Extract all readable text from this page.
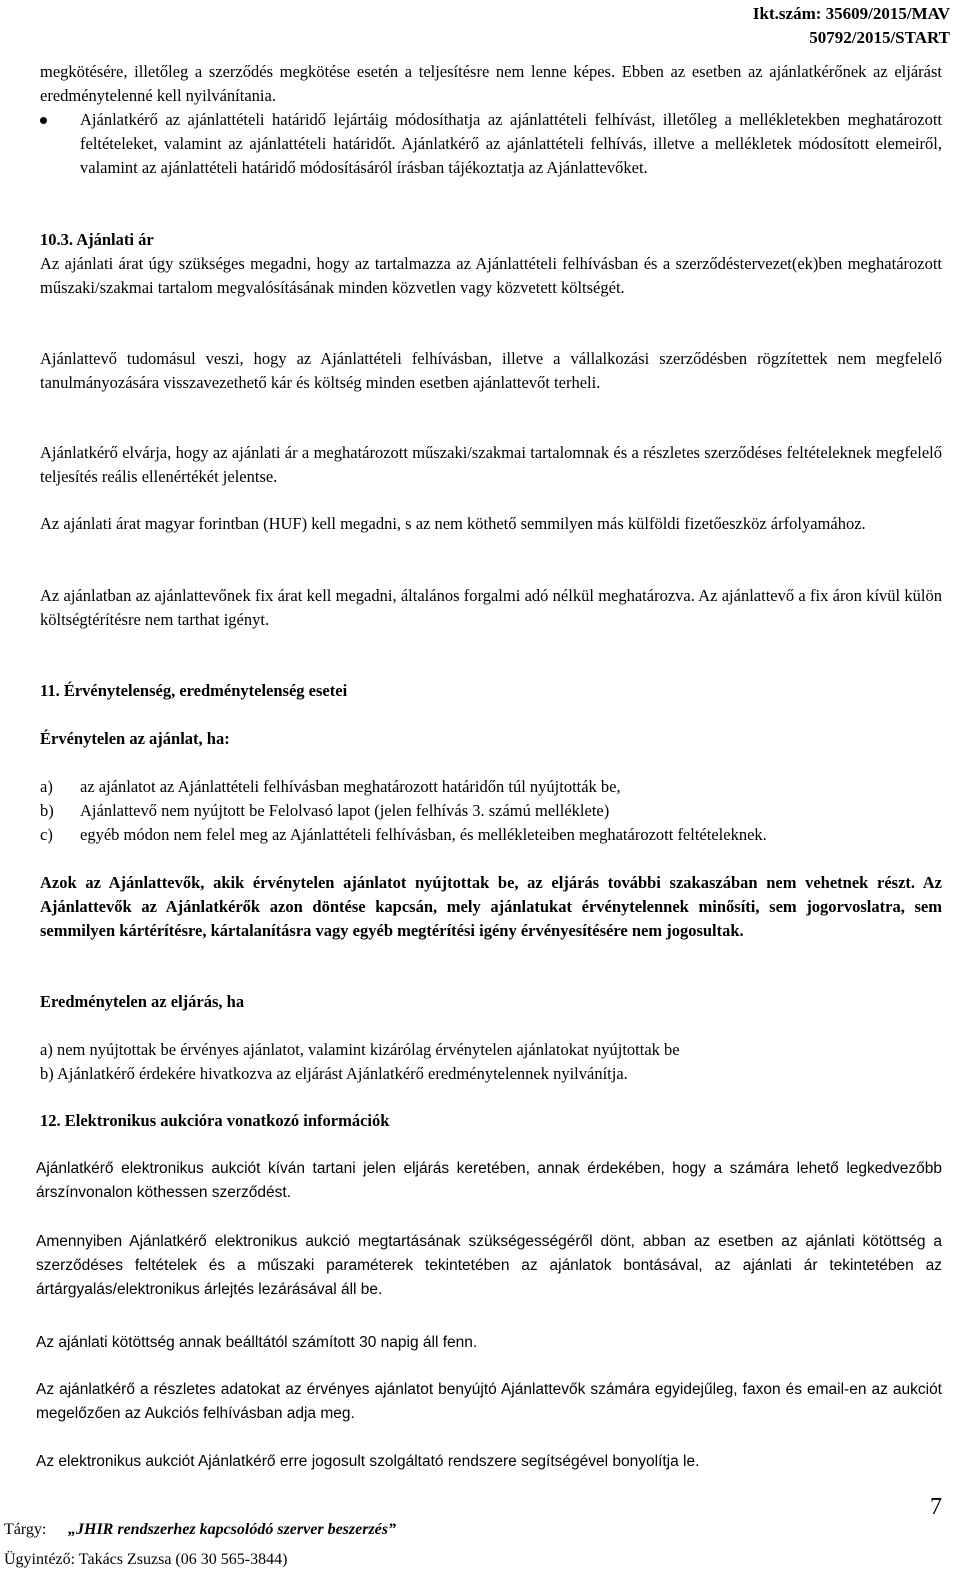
Ikt.szám: 35609/2015/MAV
50792/2015/START

megkötésére, illetőleg a szerződés megkötése esetén a teljesítésre nem lenne képes. Ebben az esetben az ajánlatkérőnek az eljárást eredménytelenné kell nyilvánítania.

Ajánlatkérő az ajánlattételi határidő lejártáig módosíthatja az ajánlattételi felhívást, illetőleg a mellékletekben meghatározott feltételeket, valamint az ajánlattételi határidőt. Ajánlatkérő az ajánlattételi felhívás, illetve a mellékletek módosított elemeiről, valamint az ajánlattételi határidő módosításáról írásban tájékoztatja az Ajánlattevőket.
10.3. Ajánlati ár

Az ajánlati árat úgy szükséges megadni, hogy az tartalmazza az Ajánlattételi felhívásban és a szerződéstervezet(ek)ben meghatározott műszaki/szakmai tartalom megvalósításának minden közvetlen vagy közvetett költségét.

Ajánlattevő tudomásul veszi, hogy az Ajánlattételi felhívásban, illetve a vállalkozási szerződésben rögzítettek nem megfelelő tanulmányozására visszavezethető kár és költség minden esetben ajánlattevőt terheli.

Ajánlatkérő elvárja, hogy az ajánlati ár a meghatározott műszaki/szakmai tartalomnak és a részletes szerződéses feltételeknek megfelelő teljesítés reális ellenértékét jelentse.

Az ajánlati árat magyar forintban (HUF) kell megadni, s az nem köthető semmilyen más külföldi fizetőeszköz árfolyamához.

Az ajánlatban az ajánlattevőnek fix árat kell megadni, általános forgalmi adó nélkül meghatározva. Az ajánlattevő a fix áron kívül külön költségtérítésre nem tarthat igényt.

11. Érvénytelenség, eredménytelenség esetei
Érvénytelen az ajánlat, ha:
a)	az ajánlatot az Ajánlattételi felhívásban meghatározott határidőn túl nyújtották be,
b)	Ajánlattevő nem nyújtott be Felolvasó lapot (jelen felhívás 3. számú melléklete)
c)	egyéb módon nem felel meg az Ajánlattételi felhívásban, és mellékleteiben meghatározott feltételeknek.

Azok az Ajánlattevők, akik érvénytelen ajánlatot nyújtottak be, az eljárás további szakaszában nem vehetnek részt. Az Ajánlattevők az Ajánlatkérők azon döntése kapcsán, mely ajánlatukat érvénytelennek minősíti, sem jogorvoslatra, sem semmilyen kártérítésre, kártalanításra vagy egyéb megtérítési igény érvényesítésére nem jogosultak.

Eredménytelen az eljárás, ha
a) nem nyújtottak be érvényes ajánlatot, valamint kizárólag érvénytelen ajánlatokat nyújtottak be
b) Ajánlatkérő érdekére hivatkozva az eljárást Ajánlatkérő eredménytelennek nyilvánítja.
12. Elektronikus aukcióra vonatkozó információk

Ajánlatkérő elektronikus aukciót kíván tartani jelen eljárás keretében, annak érdekében, hogy a számára lehető legkedvezőbb árszínvonalon köthessen szerződést.

Amennyiben Ajánlatkérő elektronikus aukció megtartásának szükségességéről dönt, abban az esetben az ajánlati kötöttség a szerződéses feltételek és a műszaki paraméterek tekintetében az ajánlatok bontásával, az ajánlati ár tekintetében az ártárgyalás/elektronikus árlejtés lezárásával áll be.

Az ajánlati kötöttség annak beálltától számított 30 napig áll fenn.

Az ajánlatkérő a részletes adatokat az érvényes ajánlatot benyújtó Ajánlattevők számára egyidejűleg, faxon és email-en az aukciót megelőzően az Aukciós felhívásban adja meg.

Az elektronikus aukciót Ajánlatkérő erre jogosult szolgáltató rendszere segítségével bonyolítja le.

7
Tárgy: „JHIR rendszerhez kapcsolódó szerver beszerzés”
Ügyintéző: Takács Zsuzsa (06 30 565-3844)
